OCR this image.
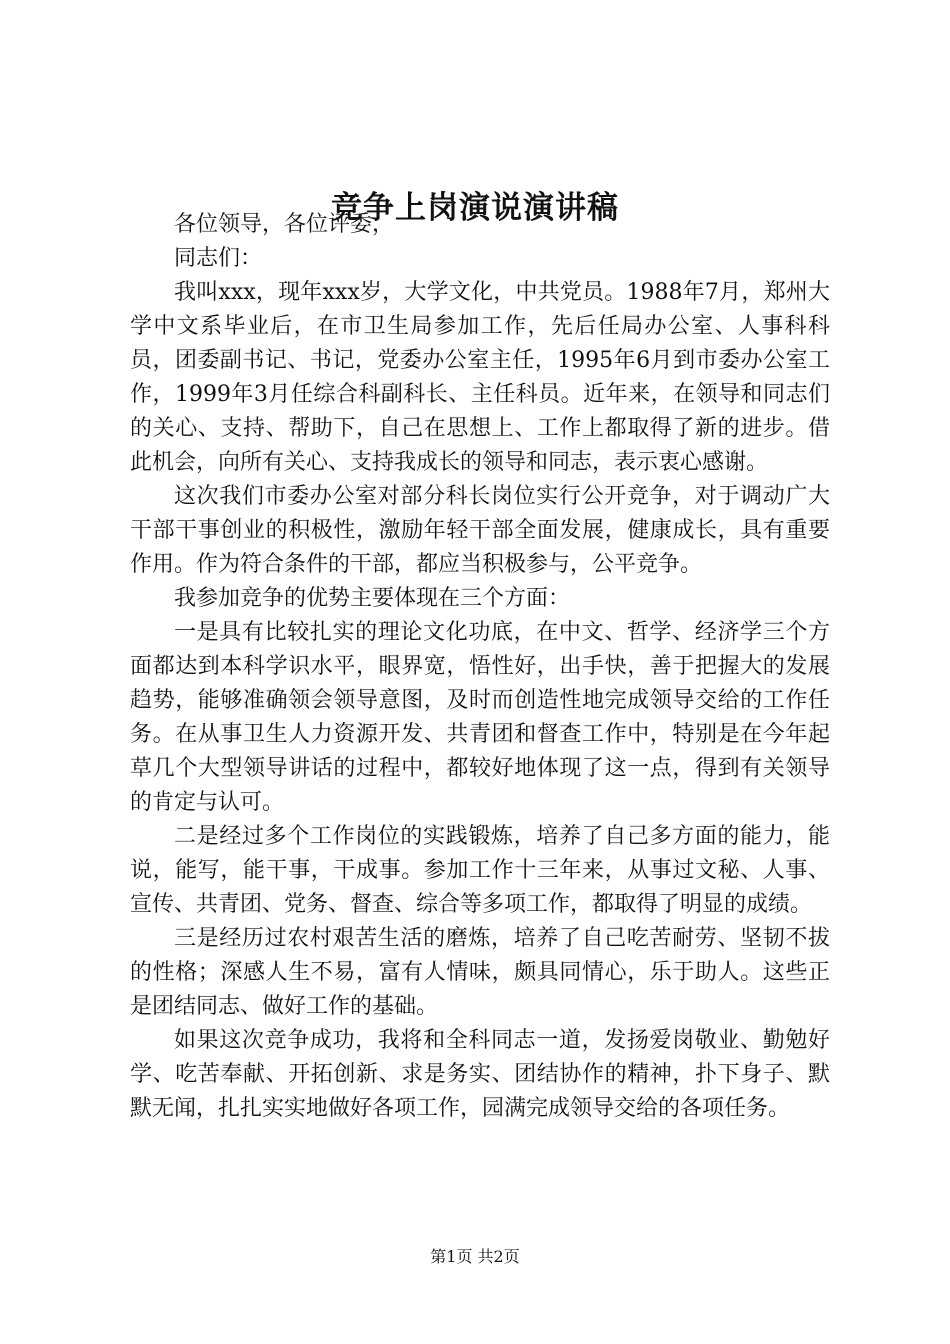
竞争上岗演说演讲稿

各位领导，各位评委，

同志们：

我叫xxx，现年xxx岁，大学文化，中共党员。1988年7月，郑州大学中文系毕业后，在市卫生局参加工作，先后任局办公室、人事科科员，团委副书记、书记，党委办公室主任，1995年6月到市委办公室工作，1999年3月任综合科副科长、主任科员。近年来，在领导和同志们的关心、支持、帮助下，自己在思想上、工作上都取得了新的进步。借此机会，向所有关心、支持我成长的领导和同志，表示衷心感谢。

这次我们市委办公室对部分科长岗位实行公开竞争，对于调动广大干部干事创业的积极性，激励年轻干部全面发展，健康成长，具有重要作用。作为符合条件的干部，都应当积极参与，公平竞争。

我参加竞争的优势主要体现在三个方面：

一是具有比较扎实的理论文化功底，在中文、哲学、经济学三个方面都达到本科学识水平，眼界宽，悟性好，出手快，善于把握大的发展趋势，能够准确领会领导意图，及时而创造性地完成领导交给的工作任务。在从事卫生人力资源开发、共青团和督查工作中，特别是在今年起草几个大型领导讲话的过程中，都较好地体现了这一点，得到有关领导的肯定与认可。

二是经过多个工作岗位的实践锻炼，培养了自己多方面的能力，能说，能写，能干事，干成事。参加工作十三年来，从事过文秘、人事、宣传、共青团、党务、督查、综合等多项工作，都取得了明显的成绩。

三是经历过农村艰苦生活的磨炼，培养了自己吃苦耐劳、坚韧不拔的性格；深感人生不易，富有人情味，颇具同情心，乐于助人。这些正是团结同志、做好工作的基础。

如果这次竞争成功，我将和全科同志一道，发扬爱岗敬业、勤勉好学、吃苦奉献、开拓创新、求是务实、团结协作的精神，扑下身子、默默无闻，扎扎实实地做好各项工作，园满完成领导交给的各项任务。

第1页 共2页
